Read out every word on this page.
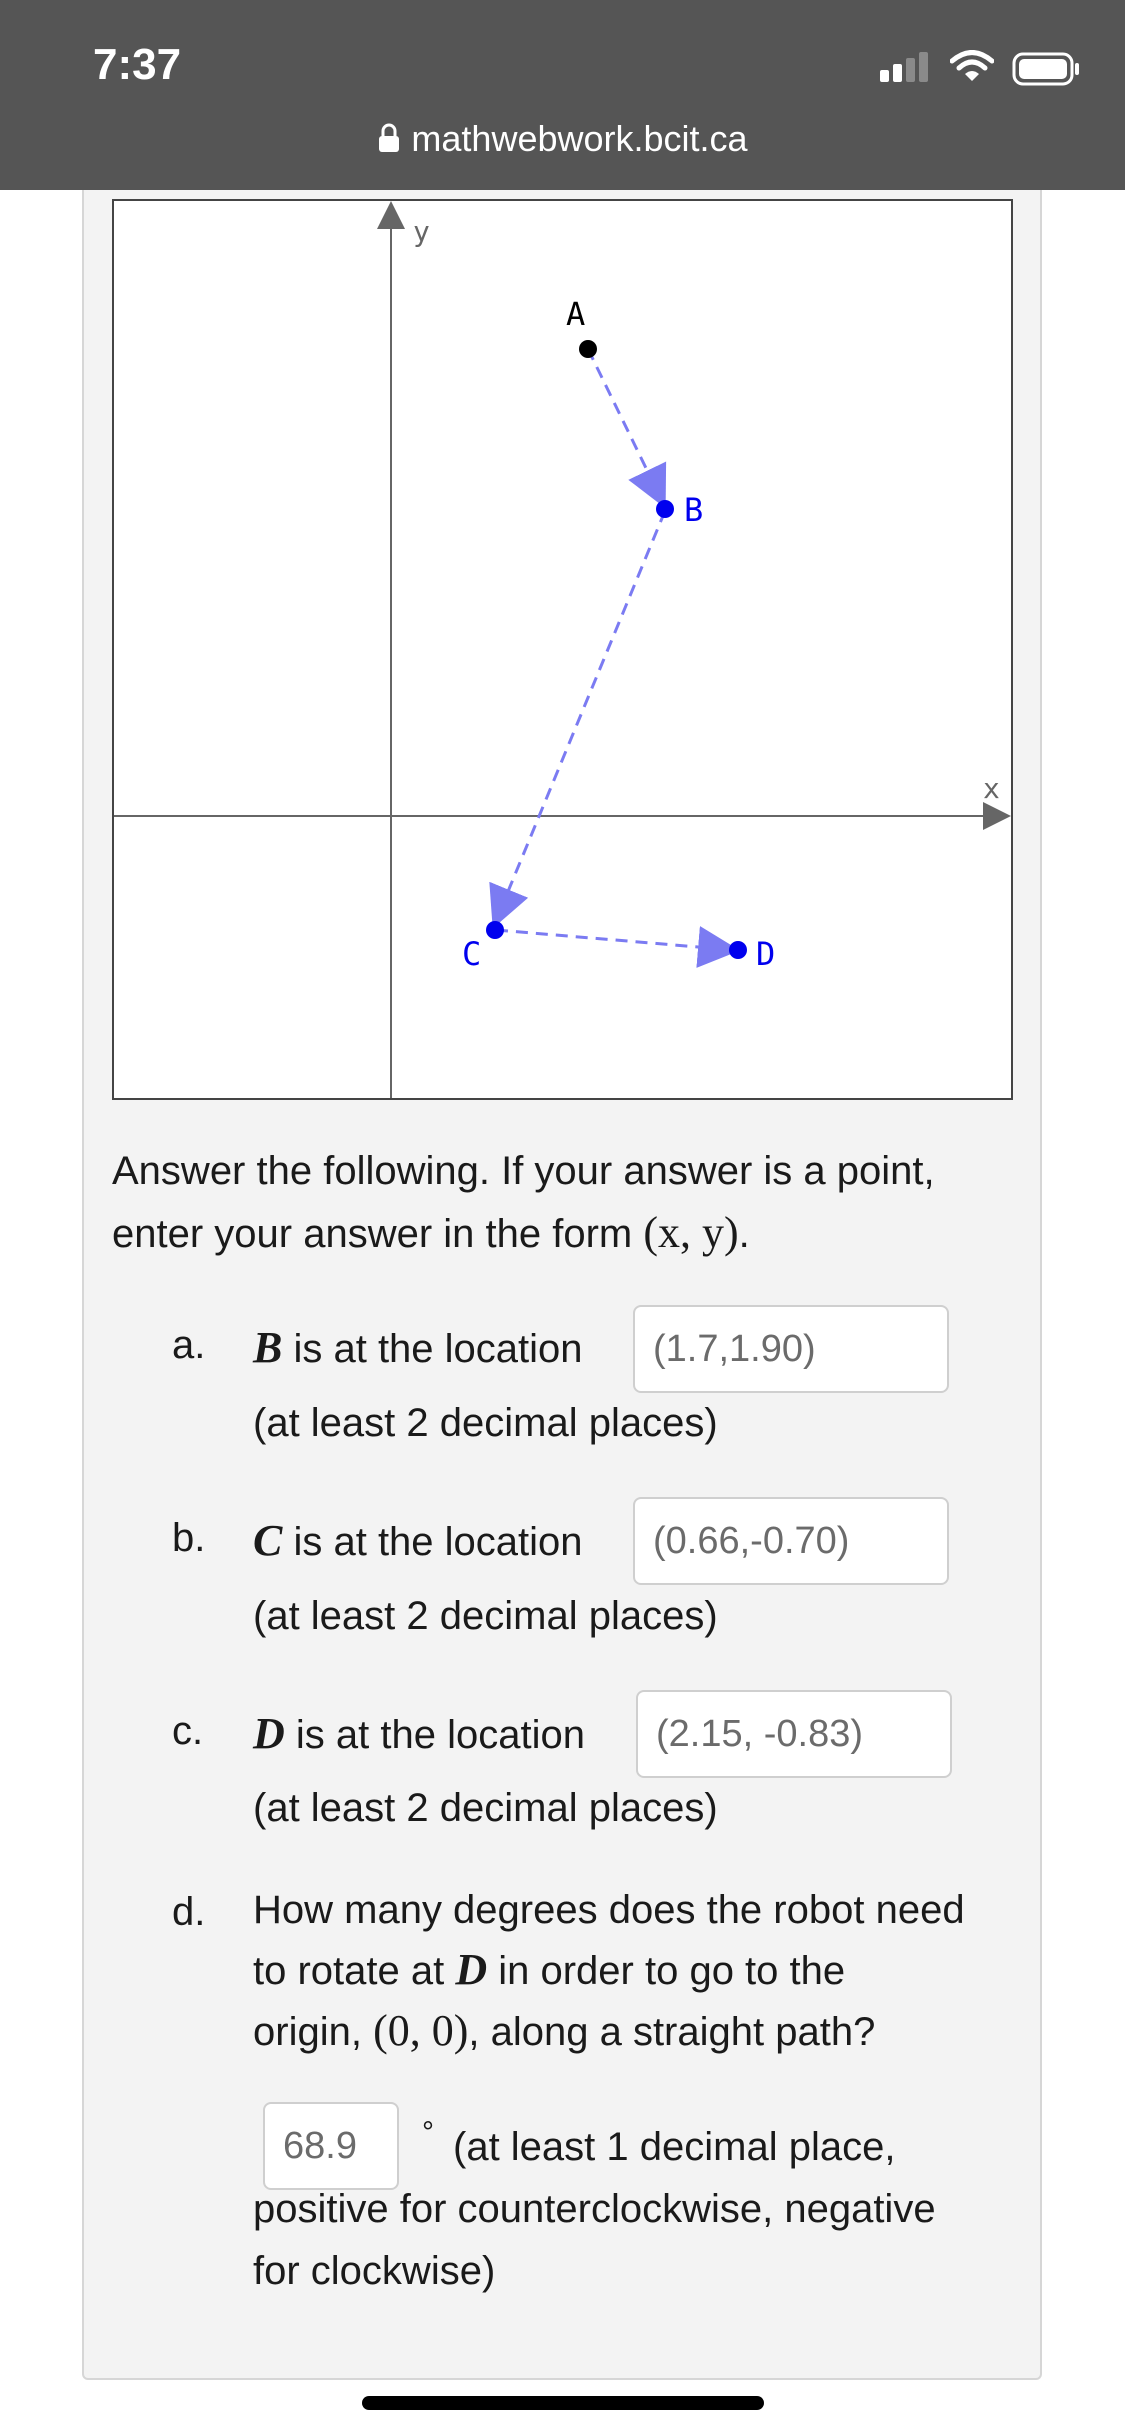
7:37
mathwebwork.bcit.ca
y
x
A
B
C	D
Answer the following. If your answer is a point, enter your answer in the form (x, y).
a. B is at the location
(1.7,1.90)
(at least 2 decimal places)
b. C is at the location
(0.66,-0.70)
(at least 2 decimal places)
c. D is at the location
(2.15, -0.83)
(at least 2 decimal places)
d. How many degrees does the robot need
to rotate at D in order to go to the
origin, (0, 0), along a straight path?
68.9
° (at least 1 decimal place,
positive for counterclockwise, negative
for clockwise)
